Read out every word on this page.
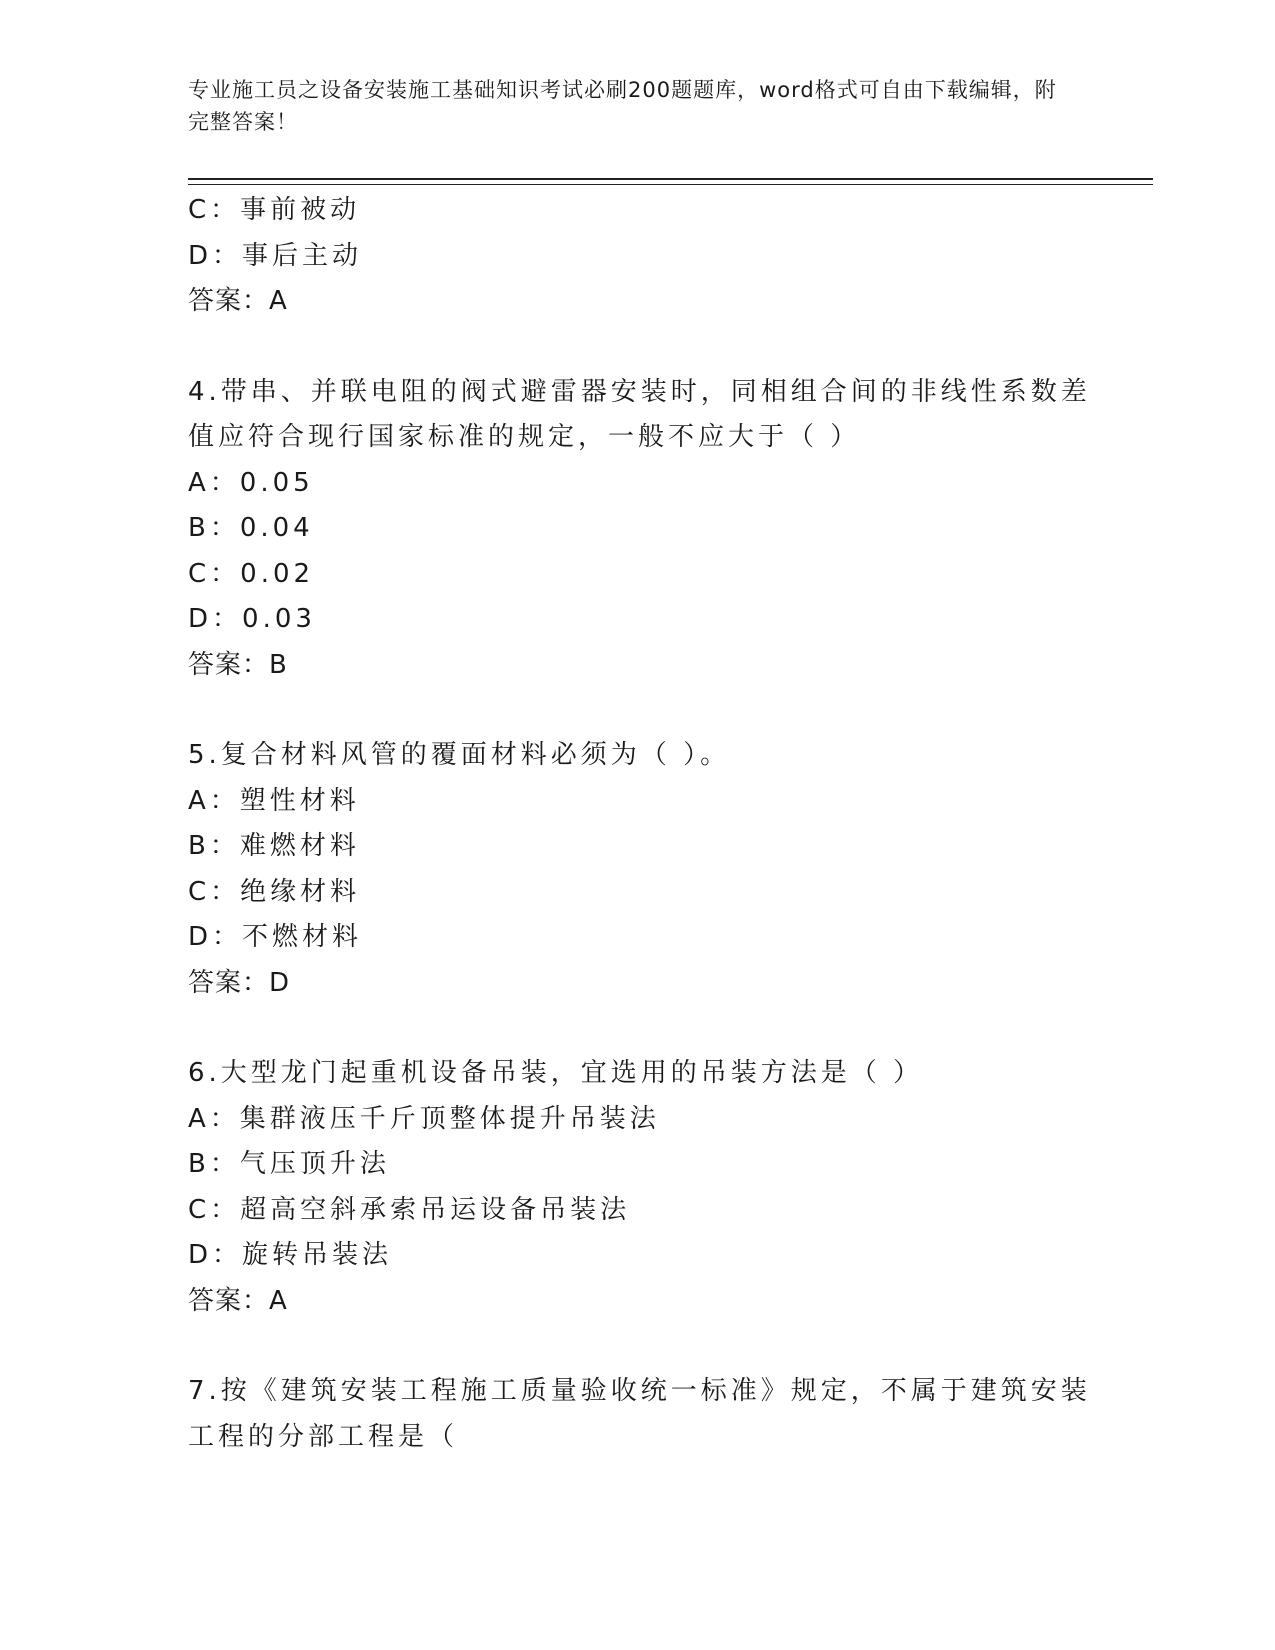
专业施工员之设备安装施工基础知识考试必刷200题题库，word格式可自由下载编辑，附完整答案！
C：事前被动
D：事后主动
答案：A
4.带串、并联电阻的阀式避雷器安装时，同相组合间的非线性系数差
值应符合现行国家标准的规定，一般不应大于（ ）
A：0.05
B：0.04
C：0.02
D：0.03
答案：B
5.复合材料风管的覆面材料必须为（ ）。
A：塑性材料
B：难燃材料
C：绝缘材料
D：不燃材料
答案：D
6.大型龙门起重机设备吊装，宜选用的吊装方法是（ ）
A：集群液压千斤顶整体提升吊装法
B：气压顶升法
C：超高空斜承索吊运设备吊装法
D：旋转吊装法
答案：A
7.按《建筑安装工程施工质量验收统一标准》规定，不属于建筑安装
工程的分部工程是（
